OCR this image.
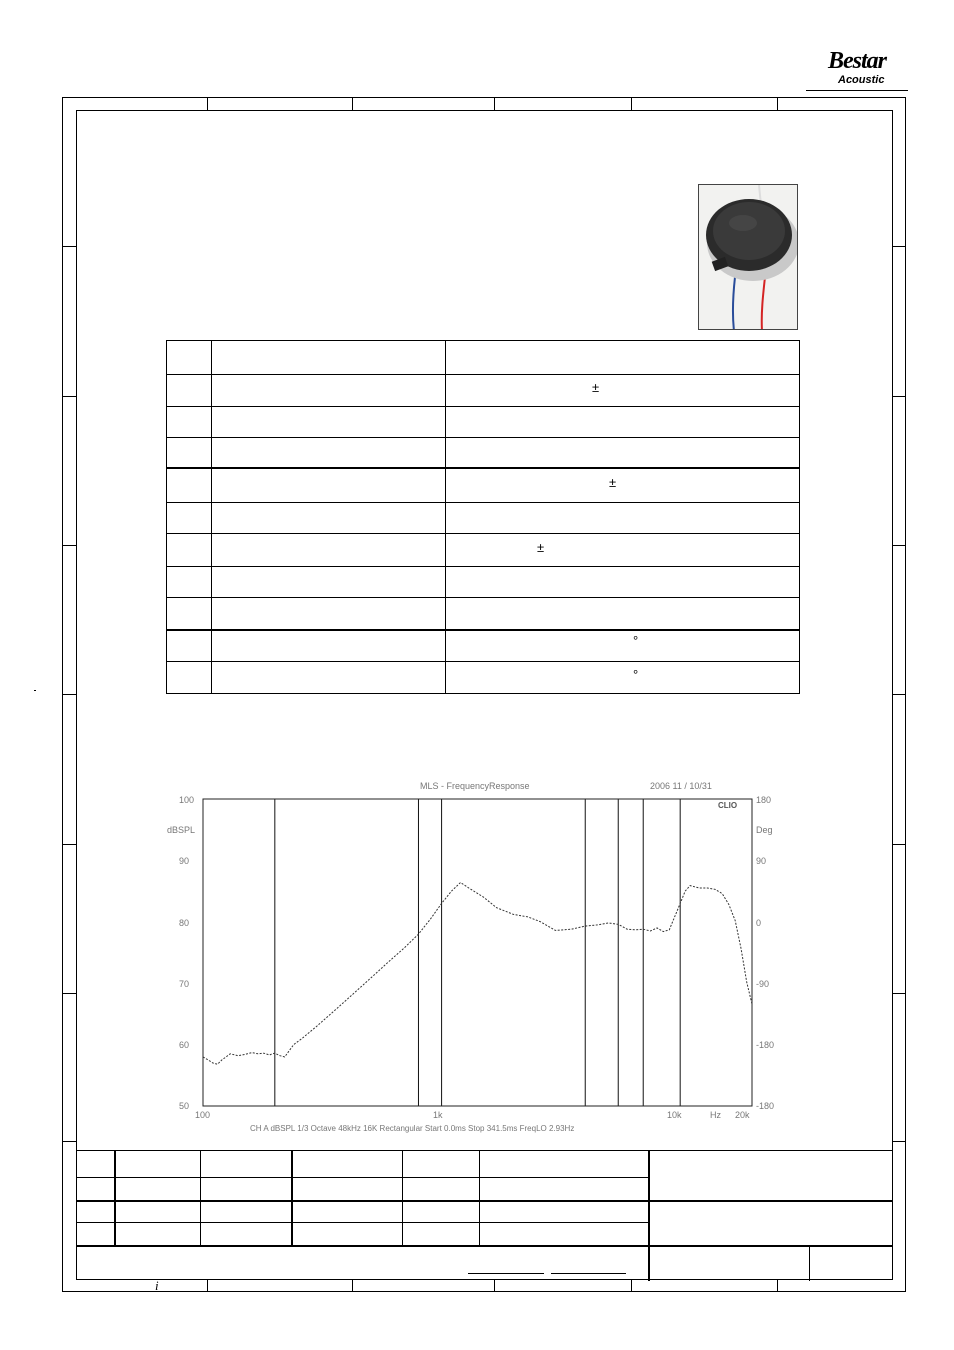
Bestar
Acoustic
±
±
±
°
°
MLS - FrequencyResponse	2006 11 / 10/31
CLIO
dBSPL	Deg
100
90
80
70
60
50
180
90
0
-90
-180
-180
100	1k	10k	Hz 20k
CH A dBSPL 1/3 Octave 48kHz 16K Rectangular Start 0.0ms Stop 341.5ms FreqLO 2.93Hz
i
